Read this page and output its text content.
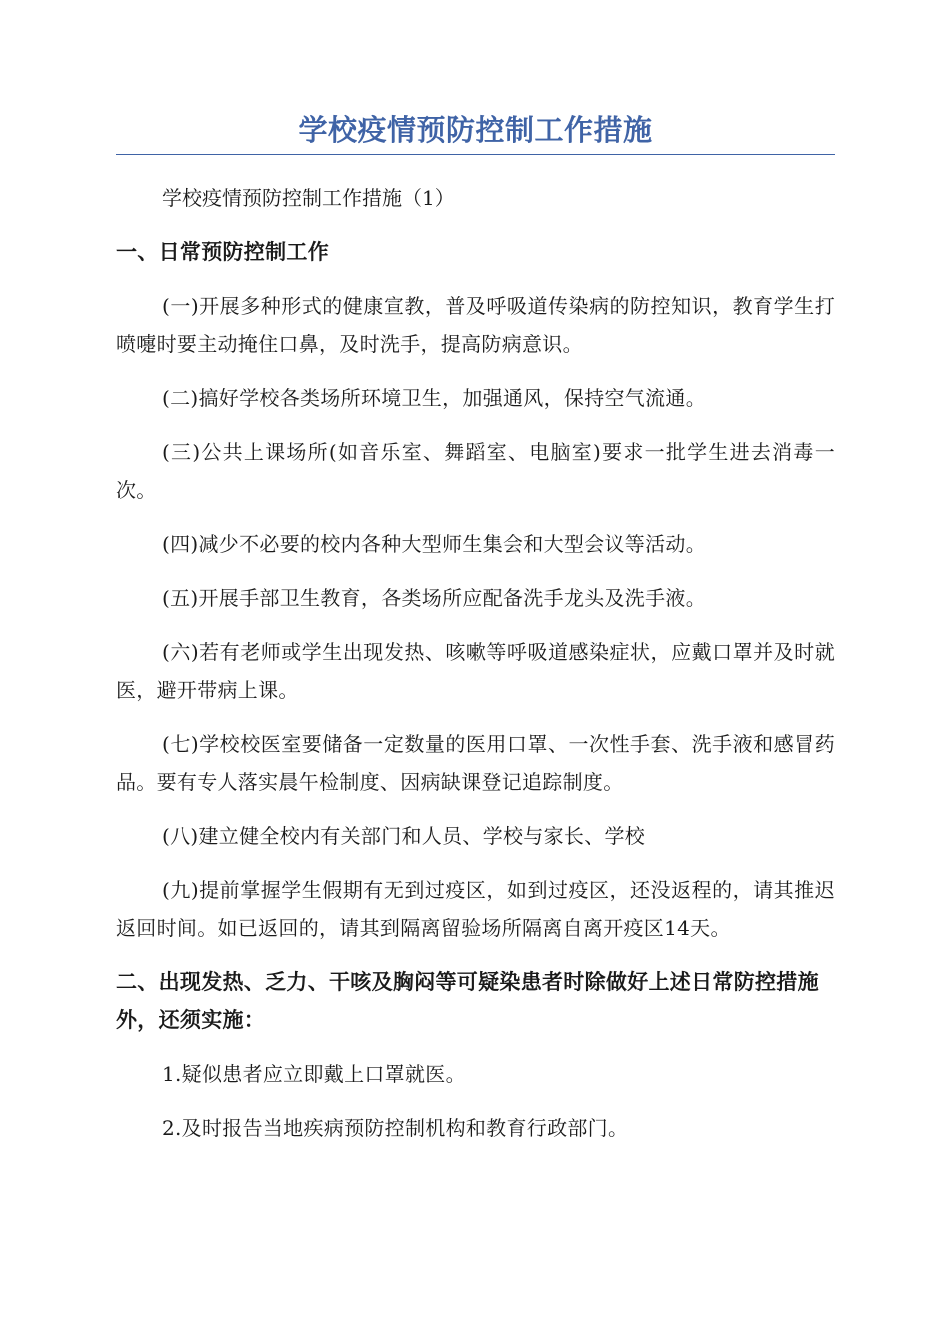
学校疫情预防控制工作措施

学校疫情预防控制工作措施（1）

一、日常预防控制工作

(一)开展多种形式的健康宣教，普及呼吸道传染病的防控知识，教育学生打喷嚏时要主动掩住口鼻，及时洗手，提高防病意识。

(二)搞好学校各类场所环境卫生，加强通风，保持空气流通。

(三)公共上课场所(如音乐室、舞蹈室、电脑室)要求一批学生进去消毒一次。

(四)减少不必要的校内各种大型师生集会和大型会议等活动。

(五)开展手部卫生教育，各类场所应配备洗手龙头及洗手液。

(六)若有老师或学生出现发热、咳嗽等呼吸道感染症状，应戴口罩并及时就医，避开带病上课。

(七)学校校医室要储备一定数量的医用口罩、一次性手套、洗手液和感冒药品。要有专人落实晨午检制度、因病缺课登记追踪制度。

(八)建立健全校内有关部门和人员、学校与家长、学校

(九)提前掌握学生假期有无到过疫区，如到过疫区，还没返程的，请其推迟返回时间。如已返回的，请其到隔离留验场所隔离自离开疫区14天。

二、出现发热、乏力、干咳及胸闷等可疑染患者时除做好上述日常防控措施外，还须实施：

1.疑似患者应立即戴上口罩就医。

2.及时报告当地疾病预防控制机构和教育行政部门。
